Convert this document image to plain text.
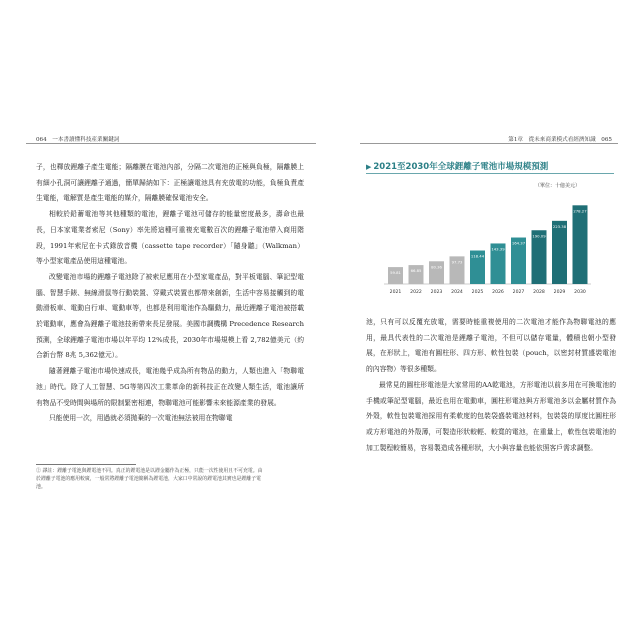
064　一本書讀懂科技產業關鍵詞

子，也釋放鋰離子產生電能；隔離膜在電池內部，分隔二次電池的正極與負極，隔離膜上有細小孔洞可讓鋰離子通過，簡單歸納如下：正極讓電池具有充放電的功能，負極負責產生電能，電解質是產生電能的媒介，隔離膜確保電池安全。

相較於鉛蓄電池等其他種類的電池，鋰離子電池可儲存的能量密度最多，壽命也最長，日本家電業者索尼（Sony）率先將這種可重複充電數百次的鋰離子電池帶入商用階段，1991年索尼在卡式錄放音機（cassette tape recorder）「隨身聽」（Walkman）等小型家電產品使用這種電池。

改變電池市場的鋰離子電池除了被索尼應用在小型家電產品，對平板電腦、筆記型電腦、智慧手錶、無線滑鼠等行動裝置、穿戴式裝置也都帶來創新，生活中容易接觸到的電動滑板車、電動自行車、電動車等，也都是利用電池作為驅動力，最近鋰離子電池被搭載於電動車，應會為鋰離子電池技術帶來長足發展。美國市調機構 Precedence Research 預測，全球鋰離子電池市場以年平均 12%成長，2030年市場規模上看 2,782億美元（約合新台幣 8兆 5,362億元）。

隨著鋰離子電池市場快速成長，電池幾乎成為所有物品的動力，人類也進入「物聯電池」時代。除了人工智慧、5G等第四次工業革命的新科技正在改變人類生活，電池讓所有物品不受時間與場所的限制緊密相連，物聯電池可能影響未來能源產業的發展。

只能使用一次，用過就必須拋棄的一次電池無法被用在物聯電

② 譯註：鋰離子電池與鋰電池不同。真正的鋰電池是以鋰金屬作為正極，只能一次性使用且不可充電。由於鋰離子電池的應用較廣，一般常將鋰離子電池簡稱為鋰電池，大家口中常說的鋰電池其實也是鋰離子電池。
第1章　從未來商業模式看經濟知識　065
▶ 2021至2030年全球鋰離子電池市場規模預測
（單位：十億美元）
59.81
2021
66.85
2022
80.36
2023
97.73
2024
118.44
2025
143.39
2026
164.37
2027
190.09
2028
223.38
2029
278.27
2030

池，只有可以反覆充放電，需要時能重複使用的二次電池才能作為物聯電池的應用，最具代表性的二次電池是鋰離子電池，不但可以儲存電量，體積也朝小型發展，在形狀上，電池有圓柱形、四方形、軟性包裝（pouch，以密封材質盛裝電池的內容物）等很多種類。

最常見的圓柱形電池是大家常用的AA乾電池，方形電池以前多用在可換電池的手機或筆記型電腦，最近也用在電動車，圓柱形電池與方形電池多以金屬材質作為外殼，軟性包裝電池採用有柔軟度的包裝袋盛裝電池材料，包裝袋的厚度比圓柱形或方形電池的外殼薄，可製造形狀較輕、較寬的電池，在重量上，軟性包裝電池的加工製程較簡易，容易製造成各種形狀，大小與容量也能依照客戶需求調整。
